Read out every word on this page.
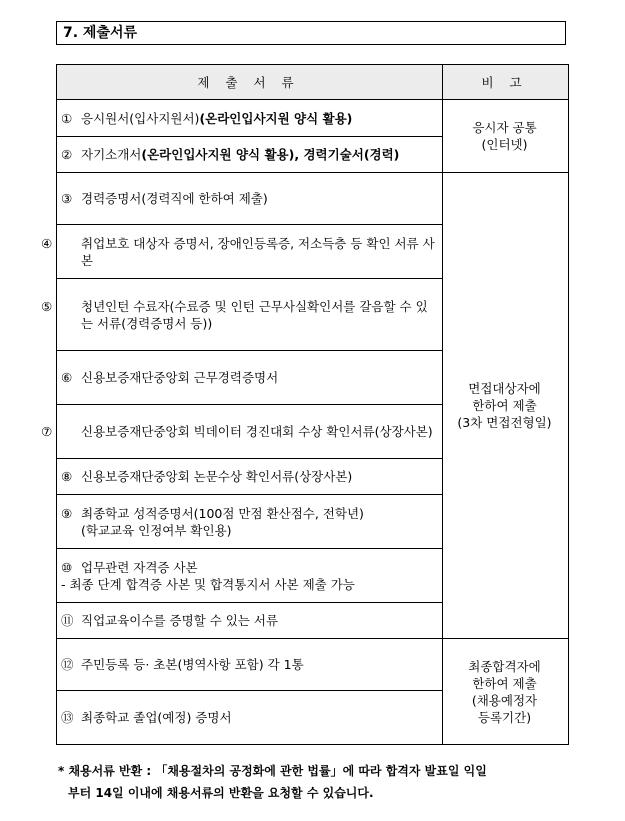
7. 제출서류
제 출 서 류	비 고
① 응시원서(입사지원서)(온라인입사지원 양식 활용)	응시자 공통
(인터넷)
② 자기소개서(온라인입사지원 양식 활용), 경력기술서(경력)	
③ 경력증명서(경력직에 한하여 제출)	면접대상자에
한하여 제출
(3차 면접전형일)

④ 취업보호 대상자 증명서, 장애인등록증, 저소득층 등 확인 서류 사본	

⑤ 청년인턴 수료자(수료증 및 인턴 근무사실확인서를 갈음할 수 있는 서류(경력증명서 등))	

⑥ 신용보증재단중앙회 근무경력증명서	

⑦ 신용보증재단중앙회 빅데이터 경진대회 수상 확인서류(상장사본)	

⑧ 신용보증재단중앙회 논문수상 확인서류(상장사본)	
⑨ 최종학교 성적증명서(100점 만점 환산점수, 전학년)
(학교교육 인정여부 확인용)	
⑩ 업무관련 자격증 사본
- 최종 단계 합격증 사본 및 합격통지서 사본 제출 가능	
⑪ 직업교육이수를 증명할 수 있는 서류	
⑫ 주민등록 등· 초본(병역사항 포함) 각 1통	최종합격자에
한하여 제출
(채용예정자
등록기간)
⑬ 최종학교 졸업(예정) 증명서	
* 채용서류 반환 : 「채용절차의 공정화에 관한 법률」에 따라 합격자 발표일 익일
부터 14일 이내에 채용서류의 반환을 요청할 수 있습니다.
